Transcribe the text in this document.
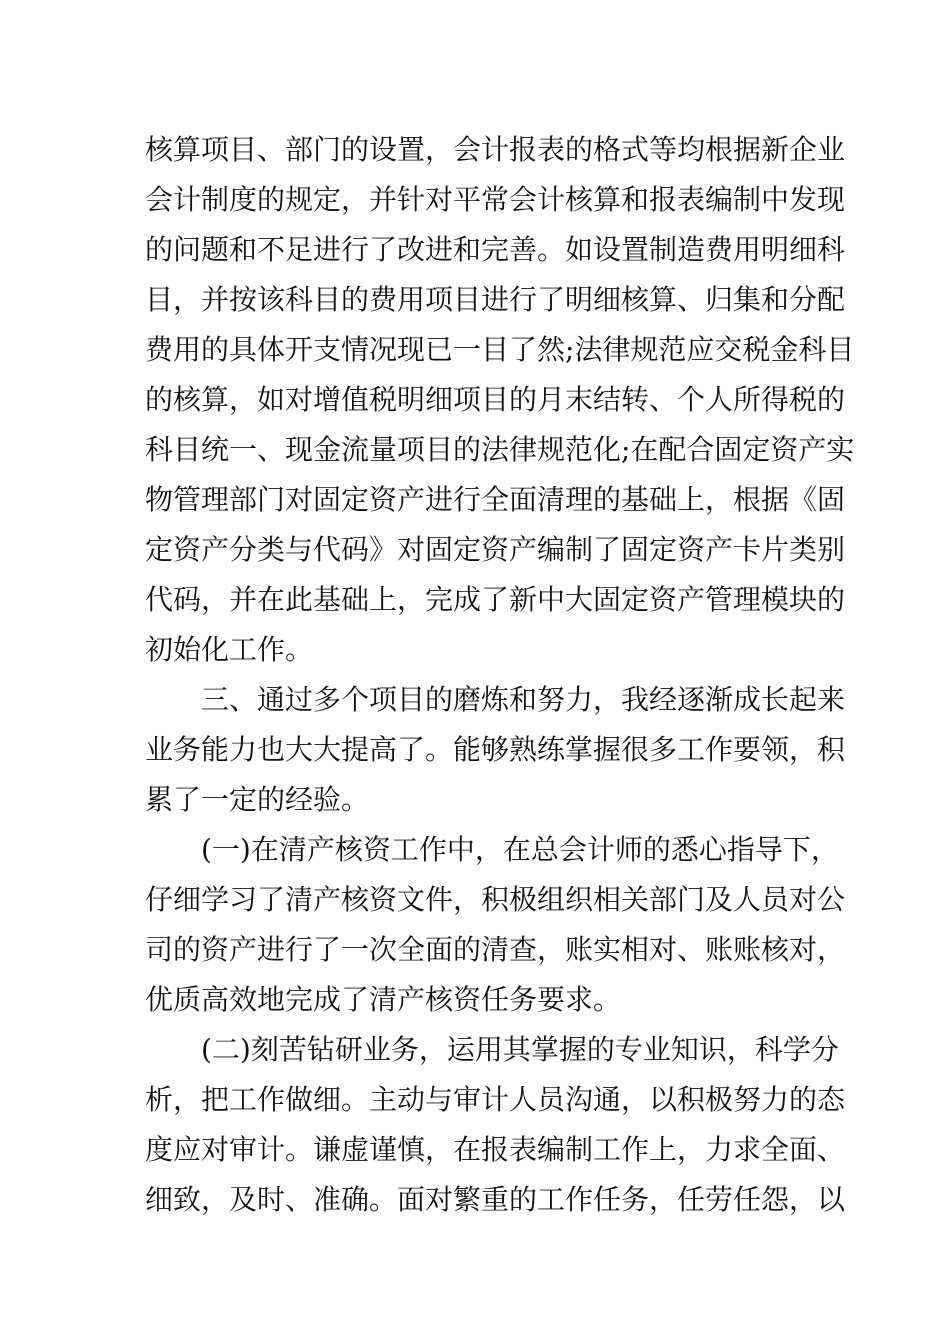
核算项目、部门的设置，会计报表的格式等均根据新企业
会计制度的规定，并针对平常会计核算和报表编制中发现
的问题和不足进行了改进和完善。如设置制造费用明细科
目，并按该科目的费用项目进行了明细核算、归集和分配
费用的具体开支情况现已一目了然;法律规范应交税金科目
的核算，如对增值税明细项目的月末结转、个人所得税的
科目统一、现金流量项目的法律规范化;在配合固定资产实
物管理部门对固定资产进行全面清理的基础上，根据《固
定资产分类与代码》对固定资产编制了固定资产卡片类别
代码，并在此基础上，完成了新中大固定资产管理模块的
初始化工作。
三、通过多个项目的磨炼和努力，我经逐渐成长起来
业务能力也大大提高了。能够熟练掌握很多工作要领，积
累了一定的经验。
(一)在清产核资工作中，在总会计师的悉心指导下，
仔细学习了清产核资文件，积极组织相关部门及人员对公
司的资产进行了一次全面的清查，账实相对、账账核对，
优质高效地完成了清产核资任务要求。
(二)刻苦钻研业务，运用其掌握的专业知识，科学分
析，把工作做细。主动与审计人员沟通，以积极努力的态
度应对审计。谦虚谨慎，在报表编制工作上，力求全面、
细致，及时、准确。面对繁重的工作任务，任劳任怨，以
